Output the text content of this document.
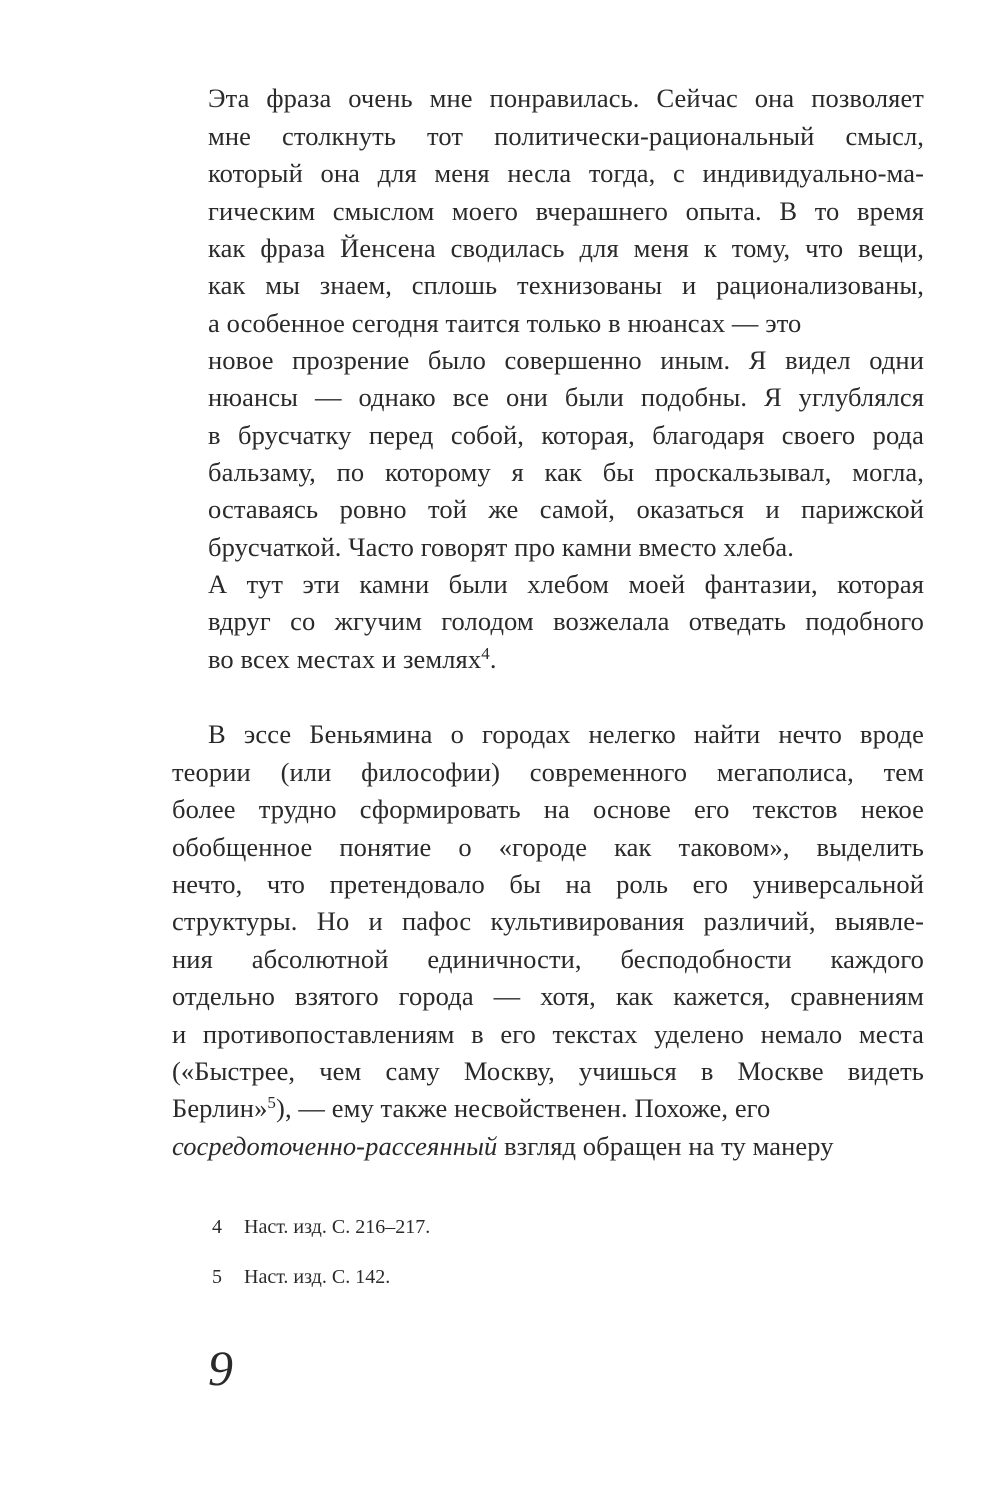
Эта фраза очень мне понравилась. Сейчас она позволяет
мне столкнуть тот политически-рациональный смысл,
который она для меня несла тогда, с индивидуально-ма-
гическим смыслом моего вчерашнего опыта. В то время
как фраза Йенсена сводилась для меня к тому, что вещи,
как мы знаем, сплошь технизованы и рационализованы,
а особенное сегодня таится только в нюансах — это
новое прозрение было совершенно иным. Я видел одни
нюансы — однако все они были подобны. Я углублялся
в брусчатку перед собой, которая, благодаря своего рода
бальзаму, по которому я как бы проскальзывал, могла,
оставаясь ровно той же самой, оказаться и парижской
брусчаткой. Часто говорят про камни вместо хлеба.
А тут эти камни были хлебом моей фантазии, которая
вдруг со жгучим голодом возжелала отведать подобного
во всех местах и землях$^4$.
В эссе Беньямина о городах нелегко найти нечто вроде
теории (или философии) современного мегаполиса, тем
более трудно сформировать на основе его текстов некое
обобщенное понятие о «городе как таковом», выделить
нечто, что претендовало бы на роль его универсальной
структуры. Но и пафос культивирования различий, выявле-
ния абсолютной единичности, бесподобности каждого
отдельно взятого города — хотя, как кажется, сравнениям
и противопоставлениям в его текстах уделено немало места
(«Быстрее, чем саму Москву, учишься в Москве видеть
Берлин»$^5$), — ему также несвойственен. Похоже, его
сосредоточенно-рассеянный взгляд обращен на ту манеру
4 Наст. изд. С. 216–217.
5 Наст. изд. С. 142.
9
